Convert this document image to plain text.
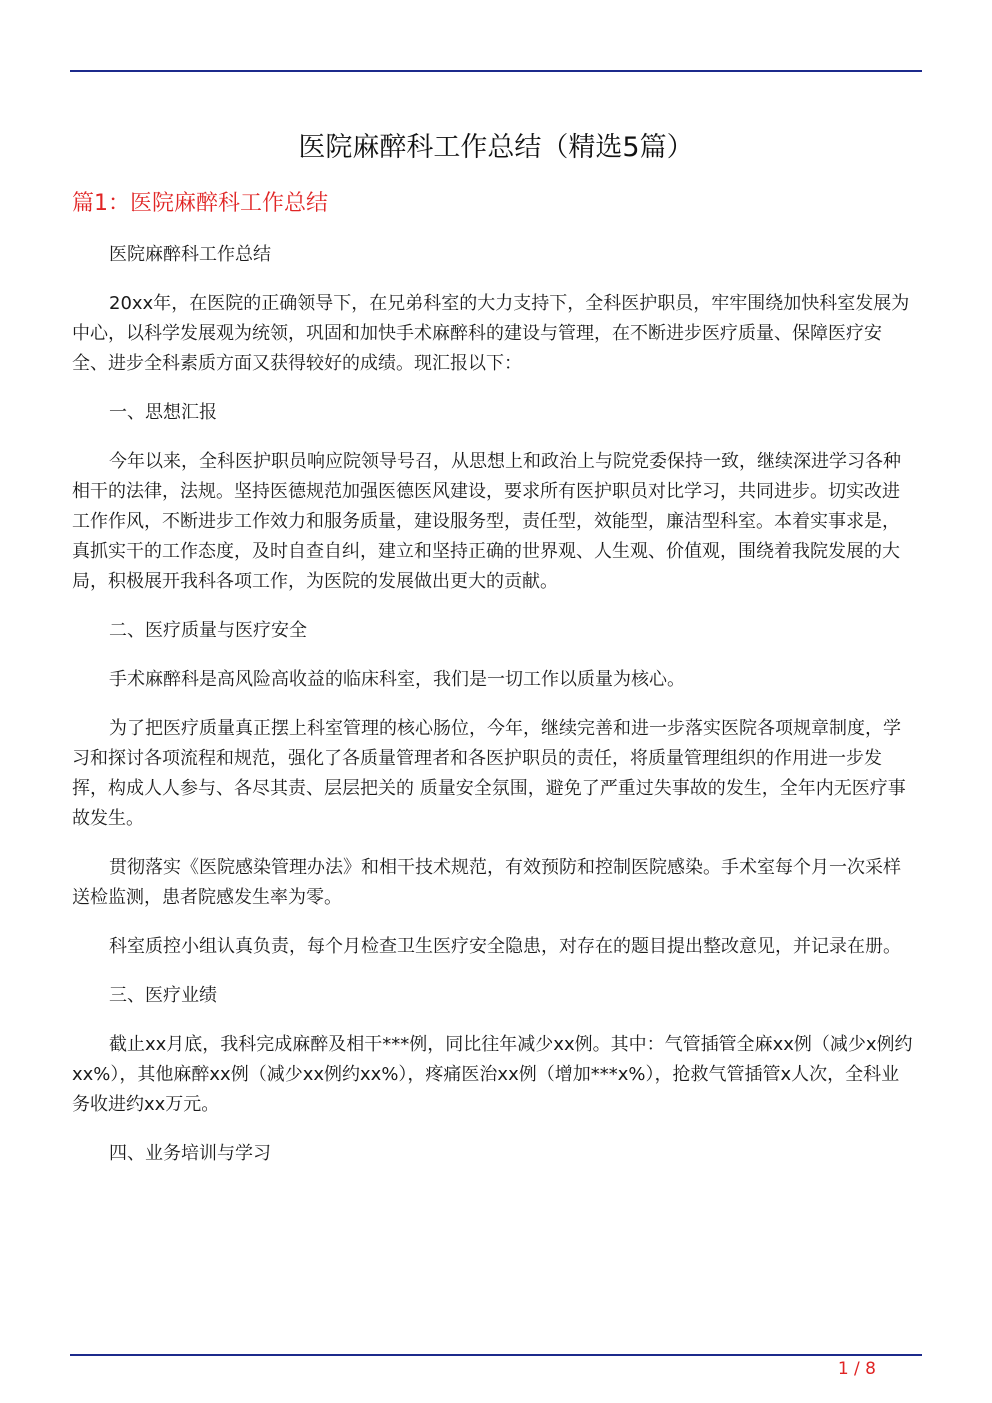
医院麻醉科工作总结（精选5篇）
篇1：医院麻醉科工作总结

医院麻醉科工作总结

20xx年，在医院的正确领导下，在兄弟科室的大力支持下，全科医护职员，牢牢围绕加快科室发展为中心，以科学发展观为统领，巩固和加快手术麻醉科的建设与管理，在不断进步医疗质量、保障医疗安全、进步全科素质方面又获得较好的成绩。现汇报以下：

一、思想汇报

今年以来，全科医护职员响应院领导号召，从思想上和政治上与院党委保持一致，继续深进学习各种相干的法律，法规。坚持医德规范加强医德医风建设，要求所有医护职员对比学习，共同进步。切实改进工作作风，不断进步工作效力和服务质量，建设服务型，责任型，效能型，廉洁型科室。本着实事求是，真抓实干的工作态度，及时自查自纠，建立和坚持正确的世界观、人生观、价值观，围绕着我院发展的大局，积极展开我科各项工作，为医院的发展做出更大的贡献。

二、医疗质量与医疗安全

手术麻醉科是高风险高收益的临床科室，我们是一切工作以质量为核心。

为了把医疗质量真正摆上科室管理的核心肠位，今年，继续完善和进一步落实医院各项规章制度，学习和探讨各项流程和规范，强化了各质量管理者和各医护职员的责任，将质量管理组织的作用进一步发挥，构成人人参与、各尽其责、层层把关的 质量安全氛围，避免了严重过失事故的发生，全年内无医疗事故发生。

贯彻落实《医院感染管理办法》和相干技术规范，有效预防和控制医院感染。手术室每个月一次采样送检监测，患者院感发生率为零。

科室质控小组认真负责，每个月检查卫生医疗安全隐患，对存在的题目提出整改意见，并记录在册。

三、医疗业绩

截止xx月底，我科完成麻醉及相干***例，同比往年减少xx例。其中：气管插管全麻xx例（减少x例约xx%），其他麻醉xx例（减少xx例约xx%），疼痛医治xx例（增加***x%），抢救气管插管x人次，全科业务收进约xx万元。

四、业务培训与学习

1 / 8
